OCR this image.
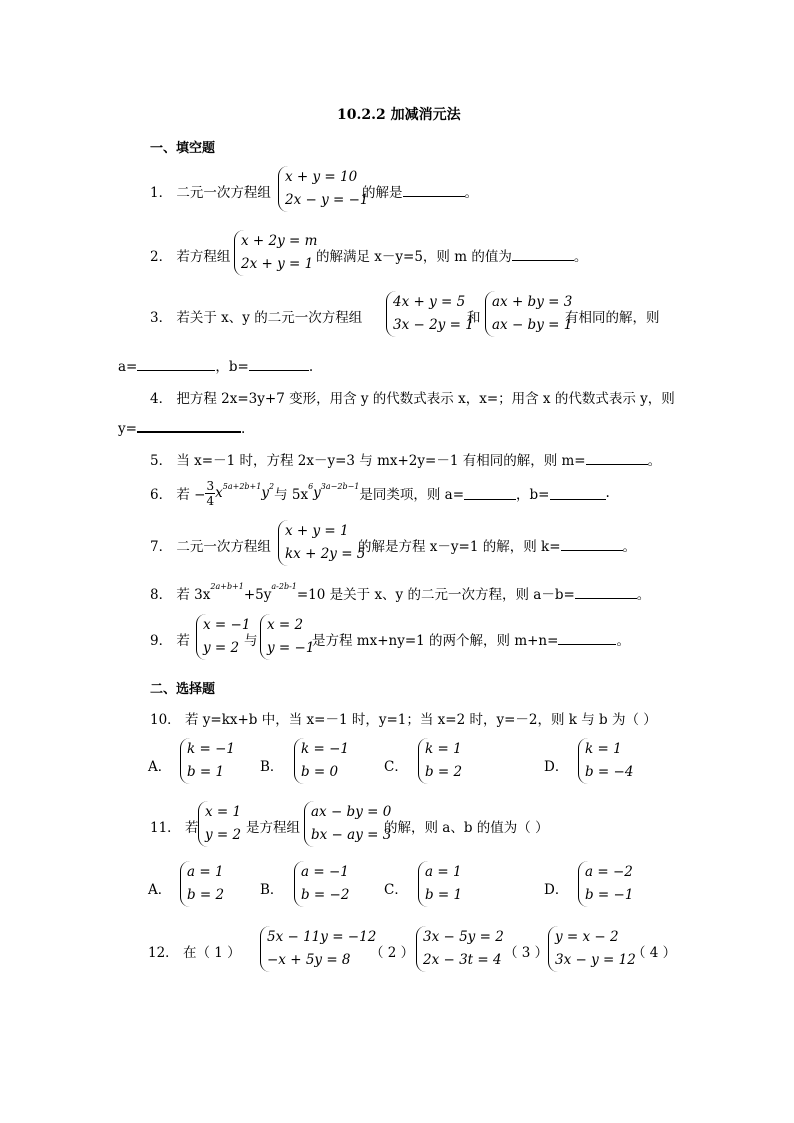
10.2.2 加减消元法
一、填空题
1． 二元一次方程组
x + y = 10
2x − y = −1
的解是	。
2． 若方程组
x + 2y = m
2x + y = 1 的解满足 x－y=5，则 m 的值为	。
3． 若关于 x、y 的二元一次方程组
4x + y = 5
3x − 2y = 1
和
ax + by = 3
ax − by = 1
有相同的解，则
a=	，b=	.
4． 把方程 2x=3y+7 变形，用含 y 的代数式表示 x，x=；用含 x 的代数式表示 y，则
y=	.
5． 当 x=－1 时，方程 2x－y=3 与 mx+2y=－1 有相同的解，则 m=	。
6． 若 − $\frac{3}{4} x^{5a+2b+1}$ $y^2$
与 5x
$^6$ $y^{3a-2b-1}$
是同类项，则 a=	，b=	.
7． 二元一次方程组
x + y = 1
kx + 2y = 5
的解是方程 x－y=1 的解，则 k=	。
8． 若 $3x^{2a+b+1}+5y^{a-2b-1}=10$ 是关于 x、y 的二元一次方程，则 a－b=	。
9． 若
x = −1
y = 2 与
x = 2
y = −1
是方程 mx+ny=1 的两个解，则 m+n=	。
二、选择题
10． 若 y=kx+b 中，当 x=－1 时，y=1；当 x=2 时，y=－2，则 k 与 b 为（ ）
A．
k = −1
b = 1	B．
k = −1
b = 0	C．
k = 1
b = 2	D．
k = 1
b = −4
11． 若
x = 1
y = 2 是方程组
ax − by = 0
bx − ay = 3
的解，则 a、b 的值为（ ）
A．
a = 1
b = 2	B．
a = −1
b = −2	C．
a = 1
b = 1	D．
a = −2
b = −1
12． 在（ 1 ）
5x − 11y = −12
−x + 5y = 8	（ 2 ）
3x − 5y = 2
2x − 3t = 4 （ 3 ）
y = x − 2
3x − y = 12
（ 4 ）
